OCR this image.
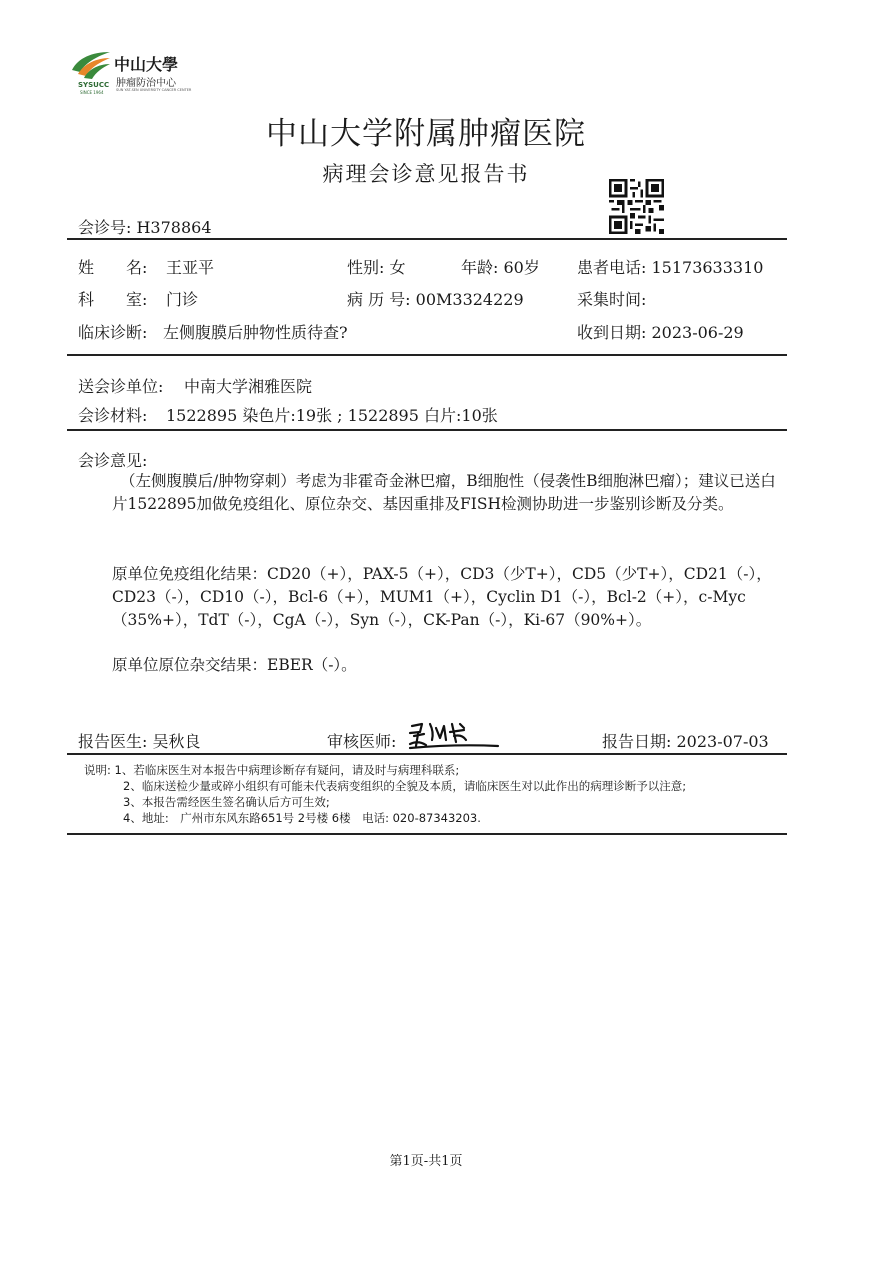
中山大學
肿瘤防治中心
SUN YAT-SEN UNIVERSITY CANCER CENTER
SYSUCC
SINCE 1964
中山大学附属肿瘤医院
病理会诊意见报告书
会诊号: H378864
姓　　名: 王亚平	性别: 女	年龄: 60岁 患者电话: 15173633310
科　　室: 门诊	病 历 号: 00M3324229	采集时间:
临床诊断: 左侧腹膜后肿物性质待查?	收到日期: 2023-06-29
送会诊单位: 中南大学湘雅医院
会诊材料: 1522895 染色片:19张 ; 1522895 白片:10张
会诊意见:
（左侧腹膜后/肿物穿刺）考虑为非霍奇金淋巴瘤，B细胞性（侵袭性B细胞淋巴瘤）；建议已送白片1522895加做免疫组化、原位杂交、基因重排及FISH检测协助进一步鉴别诊断及分类。
原单位免疫组化结果：CD20（+），PAX-5（+），CD3（少T+），CD5（少T+），CD21（-），CD23（-），CD10（-），Bcl-6（+），MUM1（+），Cyclin D1（-），Bcl-2（+），c-Myc（35%+），TdT（-），CgA（-），Syn（-），CK-Pan（-），Ki-67（90%+）。
原单位原位杂交结果：EBER（-）。
报告医生: 吴秋良	审核医师:	报告日期: 2023-07-03
说明: 1、若临床医生对本报告中病理诊断存有疑问，请及时与病理科联系;
2、临床送检少量或碎小组织有可能未代表病变组织的全貌及本质，请临床医生对以此作出的病理诊断予以注意;
3、本报告需经医生签名确认后方可生效;
4、地址:　广州市东风东路651号 2号楼 6楼　电话: 020-87343203.
第1页-共1页
